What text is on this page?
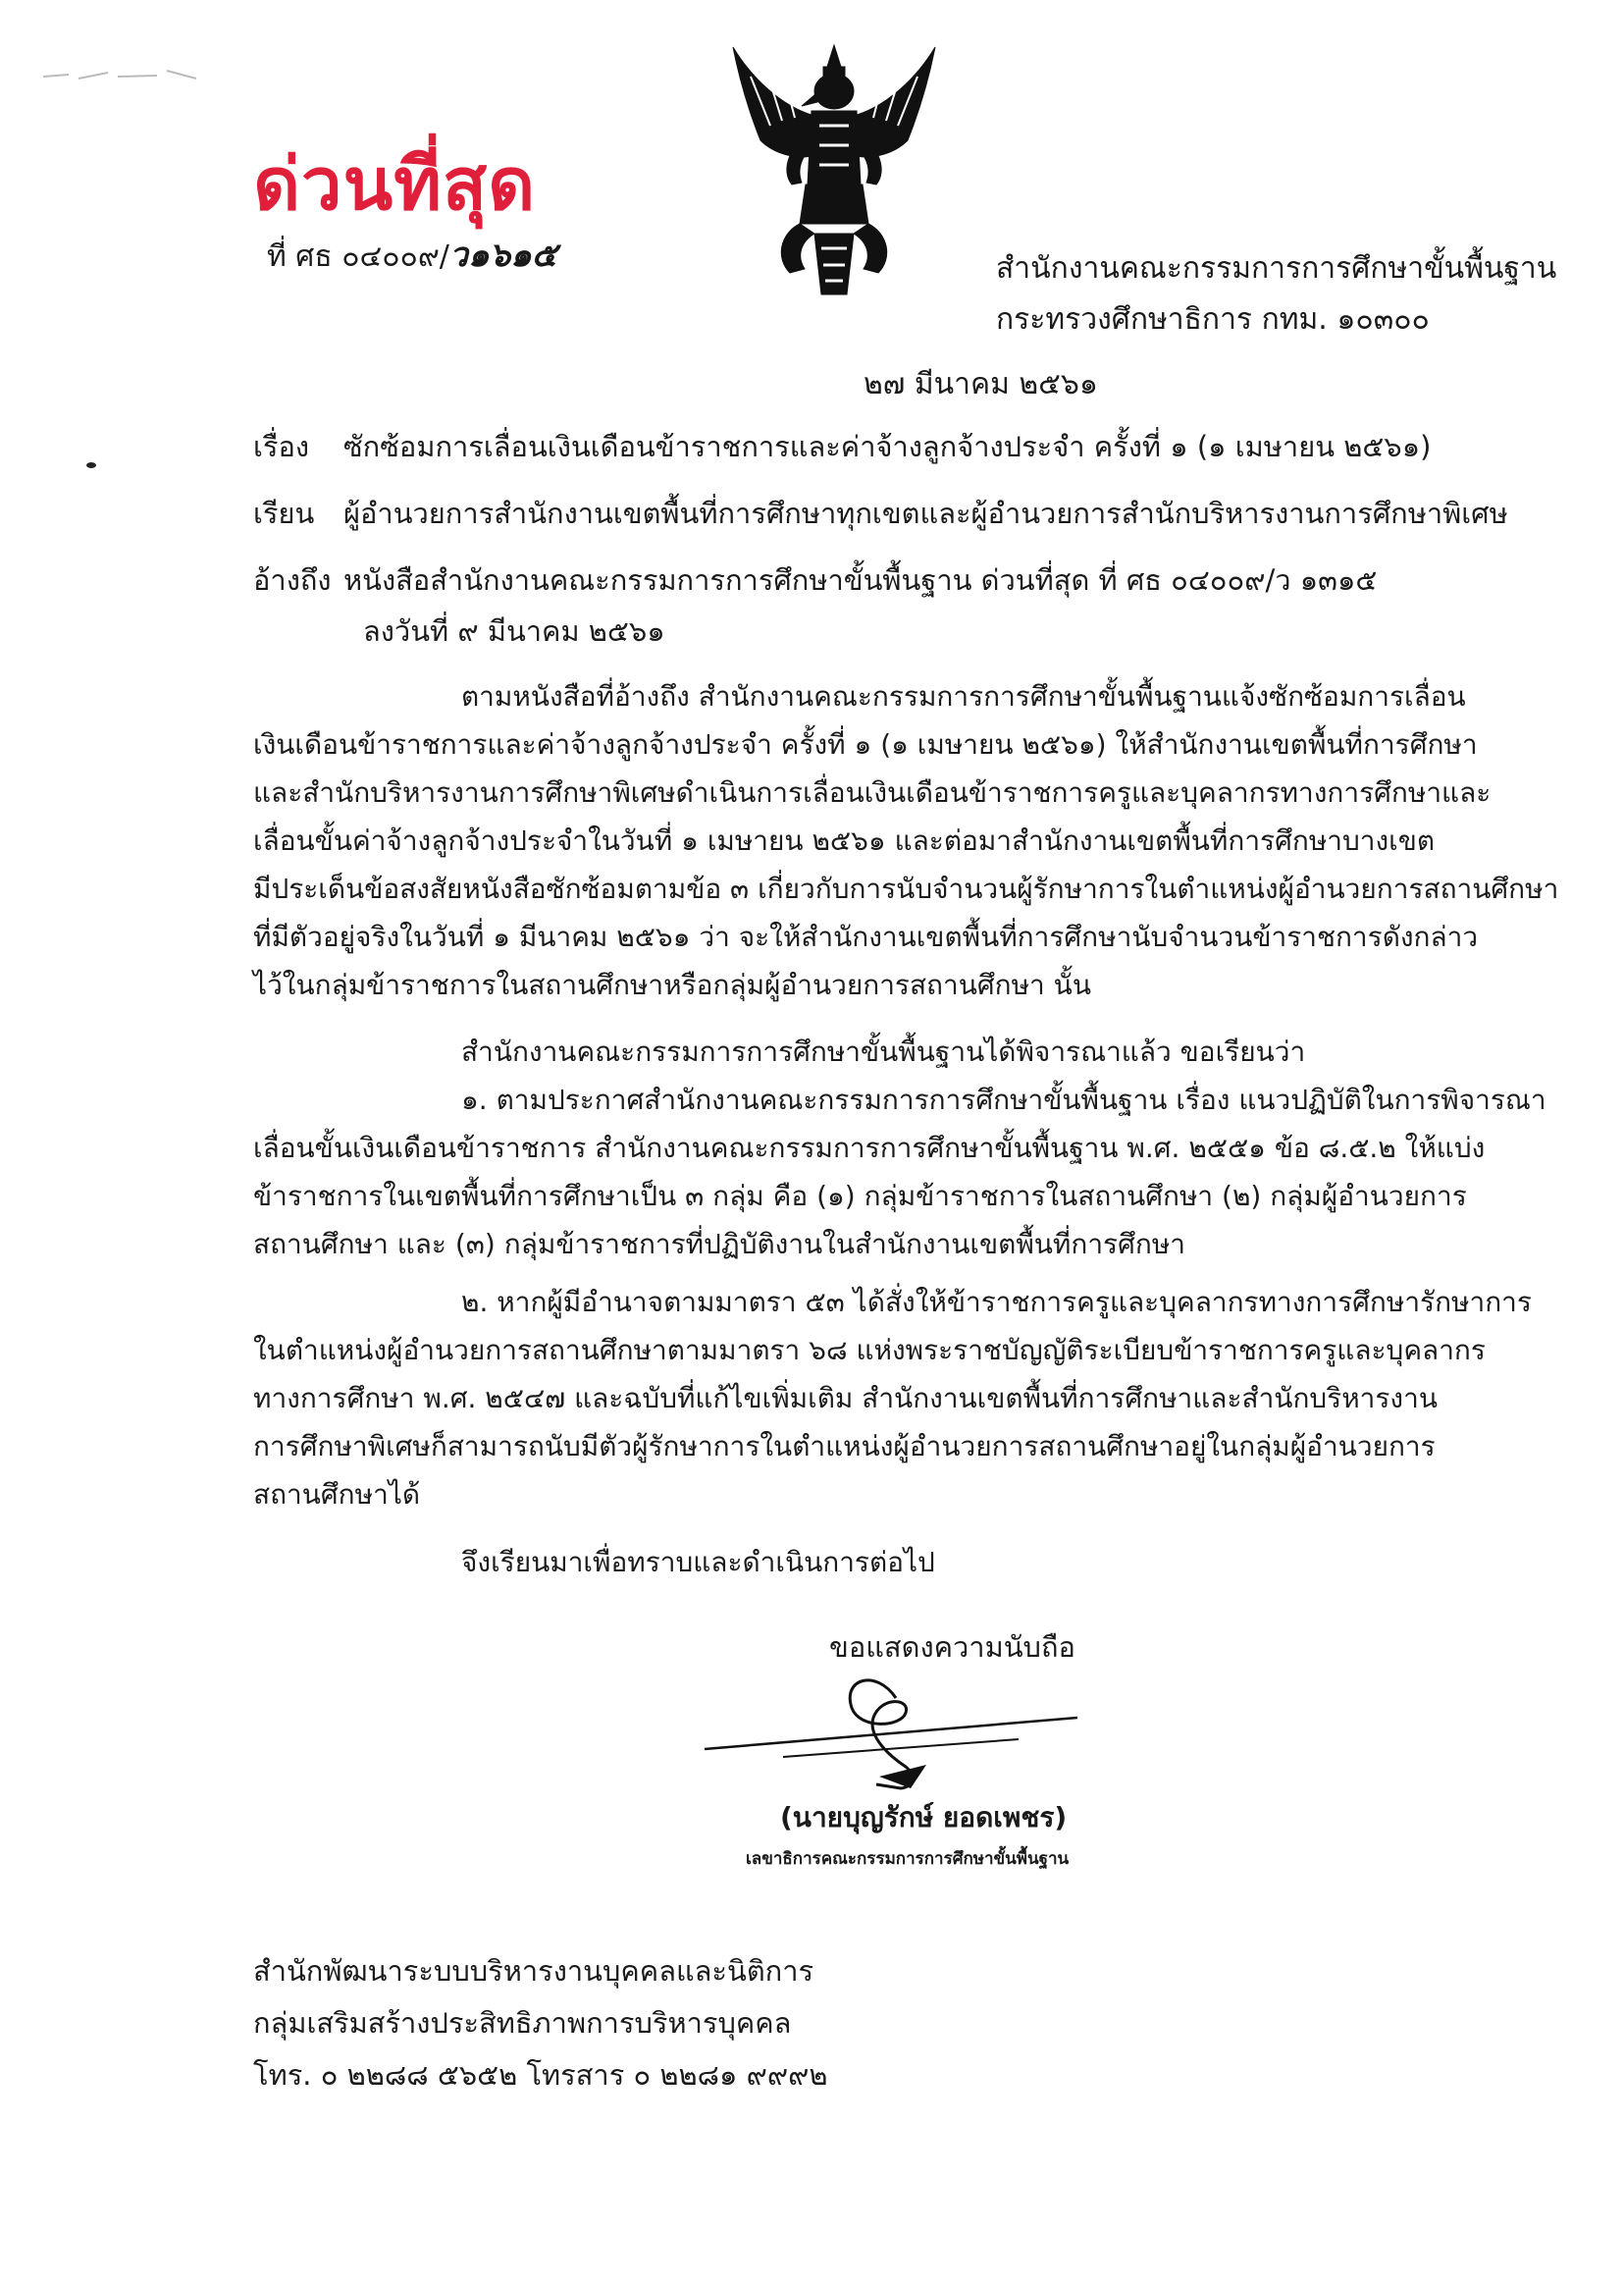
ด่วนที่สุด
ที่ ศธ ๐๔๐๐๙/ว๑๖๑๕	สำนักงานคณะกรรมการการศึกษาขั้นพื้นฐาน
กระทรวงศึกษาธิการ กทม. ๑๐๓๐๐
๒๗ มีนาคม ๒๕๖๑
เรื่อง ซักซ้อมการเลื่อนเงินเดือนข้าราชการและค่าจ้างลูกจ้างประจำ ครั้งที่ ๑ (๑ เมษายน ๒๕๖๑)
เรียน ผู้อำนวยการสำนักงานเขตพื้นที่การศึกษาทุกเขตและผู้อำนวยการสำนักบริหารงานการศึกษาพิเศษ
อ้างถึง หนังสือสำนักงานคณะกรรมการการศึกษาขั้นพื้นฐาน ด่วนที่สุด ที่ ศธ ๐๔๐๐๙/ว ๑๓๑๕
ลงวันที่ ๙ มีนาคม ๒๕๖๑
ตามหนังสือที่อ้างถึง สำนักงานคณะกรรมการการศึกษาขั้นพื้นฐานแจ้งซักซ้อมการเลื่อน
เงินเดือนข้าราชการและค่าจ้างลูกจ้างประจำ ครั้งที่ ๑ (๑ เมษายน ๒๕๖๑) ให้สำนักงานเขตพื้นที่การศึกษา
และสำนักบริหารงานการศึกษาพิเศษดำเนินการเลื่อนเงินเดือนข้าราชการครูและบุคลากรทางการศึกษาและ
เลื่อนขั้นค่าจ้างลูกจ้างประจำในวันที่ ๑ เมษายน ๒๕๖๑ และต่อมาสำนักงานเขตพื้นที่การศึกษาบางเขต
มีประเด็นข้อสงสัยหนังสือซักซ้อมตามข้อ ๓ เกี่ยวกับการนับจำนวนผู้รักษาการในตำแหน่งผู้อำนวยการสถานศึกษา
ที่มีตัวอยู่จริงในวันที่ ๑ มีนาคม ๒๕๖๑ ว่า จะให้สำนักงานเขตพื้นที่การศึกษานับจำนวนข้าราชการดังกล่าว
ไว้ในกลุ่มข้าราชการในสถานศึกษาหรือกลุ่มผู้อำนวยการสถานศึกษา นั้น
สำนักงานคณะกรรมการการศึกษาขั้นพื้นฐานได้พิจารณาแล้ว ขอเรียนว่า
๑. ตามประกาศสำนักงานคณะกรรมการการศึกษาขั้นพื้นฐาน เรื่อง แนวปฏิบัติในการพิจารณา
เลื่อนขั้นเงินเดือนข้าราชการ สำนักงานคณะกรรมการการศึกษาขั้นพื้นฐาน พ.ศ. ๒๕๕๑ ข้อ ๘.๕.๒ ให้แบ่ง
ข้าราชการในเขตพื้นที่การศึกษาเป็น ๓ กลุ่ม คือ (๑) กลุ่มข้าราชการในสถานศึกษา (๒) กลุ่มผู้อำนวยการ
สถานศึกษา และ (๓) กลุ่มข้าราชการที่ปฏิบัติงานในสำนักงานเขตพื้นที่การศึกษา
๒. หากผู้มีอำนาจตามมาตรา ๕๓ ได้สั่งให้ข้าราชการครูและบุคลากรทางการศึกษารักษาการ
ในตำแหน่งผู้อำนวยการสถานศึกษาตามมาตรา ๖๘ แห่งพระราชบัญญัติระเบียบข้าราชการครูและบุคลากร
ทางการศึกษา พ.ศ. ๒๕๔๗ และฉบับที่แก้ไขเพิ่มเติม สำนักงานเขตพื้นที่การศึกษาและสำนักบริหารงาน
การศึกษาพิเศษก็สามารถนับมีตัวผู้รักษาการในตำแหน่งผู้อำนวยการสถานศึกษาอยู่ในกลุ่มผู้อำนวยการ
สถานศึกษาได้
จึงเรียนมาเพื่อทราบและดำเนินการต่อไป
ขอแสดงความนับถือ
(นายบุญรักษ์ ยอดเพชร)
เลขาธิการคณะกรรมการการศึกษาขั้นพื้นฐาน
สำนักพัฒนาระบบบริหารงานบุคคลและนิติการ
กลุ่มเสริมสร้างประสิทธิภาพการบริหารบุคคล
โทร. ๐ ๒๒๘๘ ๕๖๕๒ โทรสาร ๐ ๒๒๘๑ ๙๙๙๒
